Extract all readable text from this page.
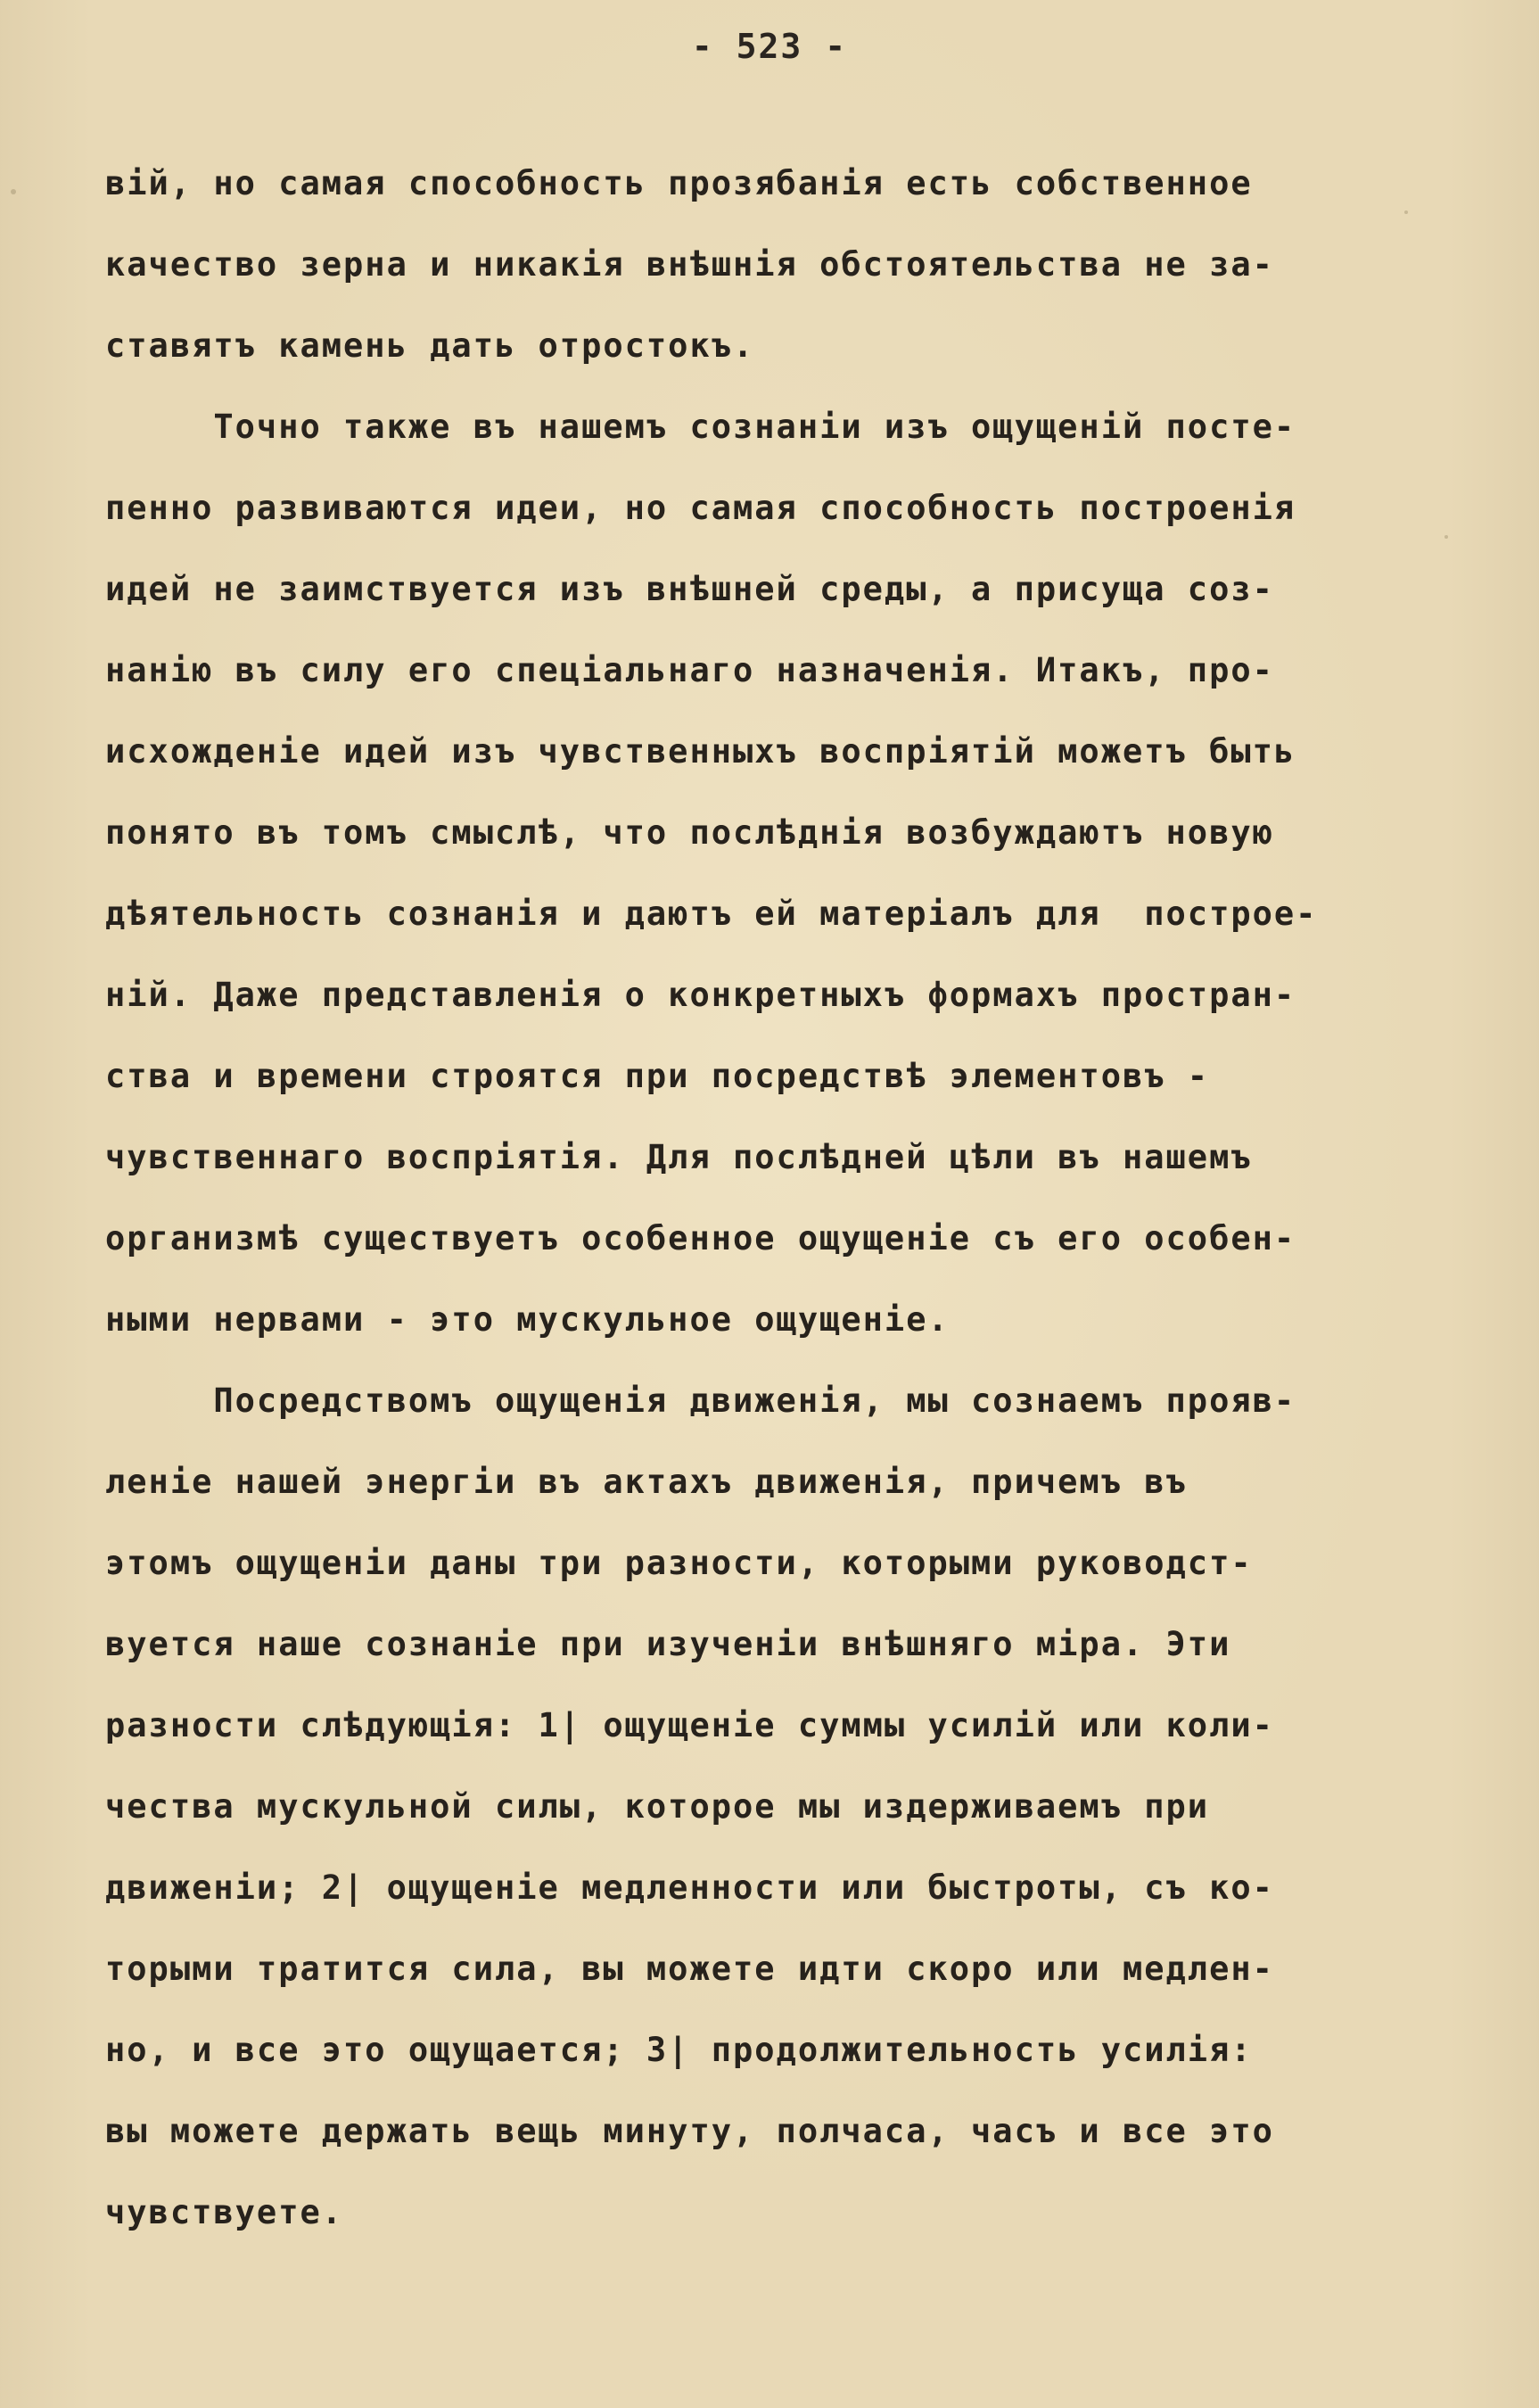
- 523 -
вій, но самая способность прозябанія есть собственное
качество зерна и никакія внѣшнія обстоятельства не за-
ставятъ камень дать отростокъ.
Точно также въ нашемъ сознаніи изъ ощущеній посте-
пенно развиваются идеи, но самая способность построенія
идей не заимствуется изъ внѣшней среды, а присуща соз-
нанію въ силу его спеціальнаго назначенія. Итакъ, про-
исхожденіе идей изъ чувственныхъ воспріятій можетъ быть
понято въ томъ смыслѣ, что послѣднія возбуждаютъ новую
дѣятельность сознанія и даютъ ей матеріалъ для  построе-
ній. Даже представленія о конкретныхъ формахъ простран-
ства и времени строятся при посредствѣ элементовъ -
чувственнаго воспріятія. Для послѣдней цѣли въ нашемъ
организмѣ существуетъ особенное ощущеніе съ его особен-
ными нервами - это мускульное ощущеніе.
Посредствомъ ощущенія движенія, мы сознаемъ прояв-
леніе нашей энергіи въ актахъ движенія, причемъ въ
этомъ ощущеніи даны три разности, которыми руководст-
вуется наше сознаніе при изученіи внѣшняго міра. Эти
разности слѣдующія: 1| ощущеніе суммы усилій или коли-
чества мускульной силы, которое мы издерживаемъ при
движеніи; 2| ощущеніе медленности или быстроты, съ ко-
торыми тратится сила, вы можете идти скоро или медлен-
но, и все это ощущается; 3| продолжительность усилія:
вы можете держать вещь минуту, полчаса, часъ и все это
чувствуете.
